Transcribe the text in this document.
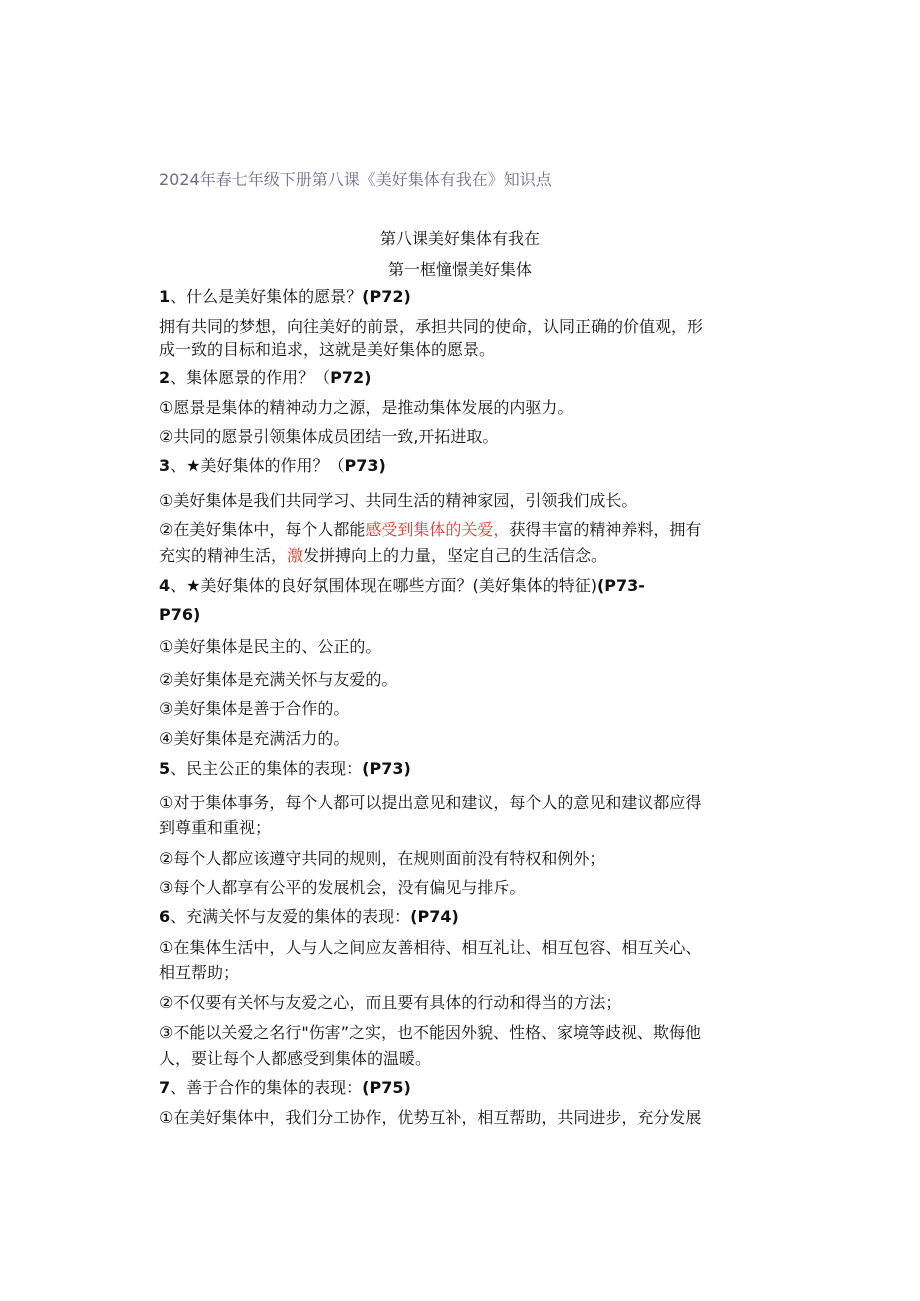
2024年春七年级下册第八课《美好集体有我在》知识点
第八课美好集体有我在
第一框憧憬美好集体
1、什么是美好集体的愿景？(P72)
拥有共同的梦想，向往美好的前景，承担共同的使命，认同正确的价值观，形
成一致的目标和追求，这就是美好集体的愿景。
2、集体愿景的作用？（P72)
①愿景是集体的精神动力之源，是推动集体发展的内驱力。
②共同的愿景引领集体成员团结一致,开拓进取。
3、★美好集体的作用？（P73)
①美好集体是我们共同学习、共同生活的精神家园，引领我们成长。
②在美好集体中，每个人都能感受到集体的关爱，获得丰富的精神养料，拥有
充实的精神生活，激发拼搏向上的力量，坚定自己的生活信念。
4、★美好集体的良好氛围体现在哪些方面？(美好集体的特征)(P73-
P76)
①美好集体是民主的、公正的。
②美好集体是充满关怀与友爱的。
③美好集体是善于合作的。
④美好集体是充满活力的。
5、民主公正的集体的表现：(P73)
①对于集体事务，每个人都可以提出意见和建议，每个人的意见和建议都应得
到尊重和重视；
②每个人都应该遵守共同的规则，在规则面前没有特权和例外；
③每个人都享有公平的发展机会，没有偏见与排斥。
6、充满关怀与友爱的集体的表现：(P74)
①在集体生活中，人与人之间应友善相待、相互礼让、相互包容、相互关心、
相互帮助；
②不仅要有关怀与友爱之心，而且要有具体的行动和得当的方法；
③不能以关爱之名行"伤害”之实，也不能因外貌、性格、家境等歧视、欺侮他
人，要让每个人都感受到集体的温暖。
7、善于合作的集体的表现：(P75)
①在美好集体中，我们分工协作，优势互补，相互帮助，共同进步，充分发展
